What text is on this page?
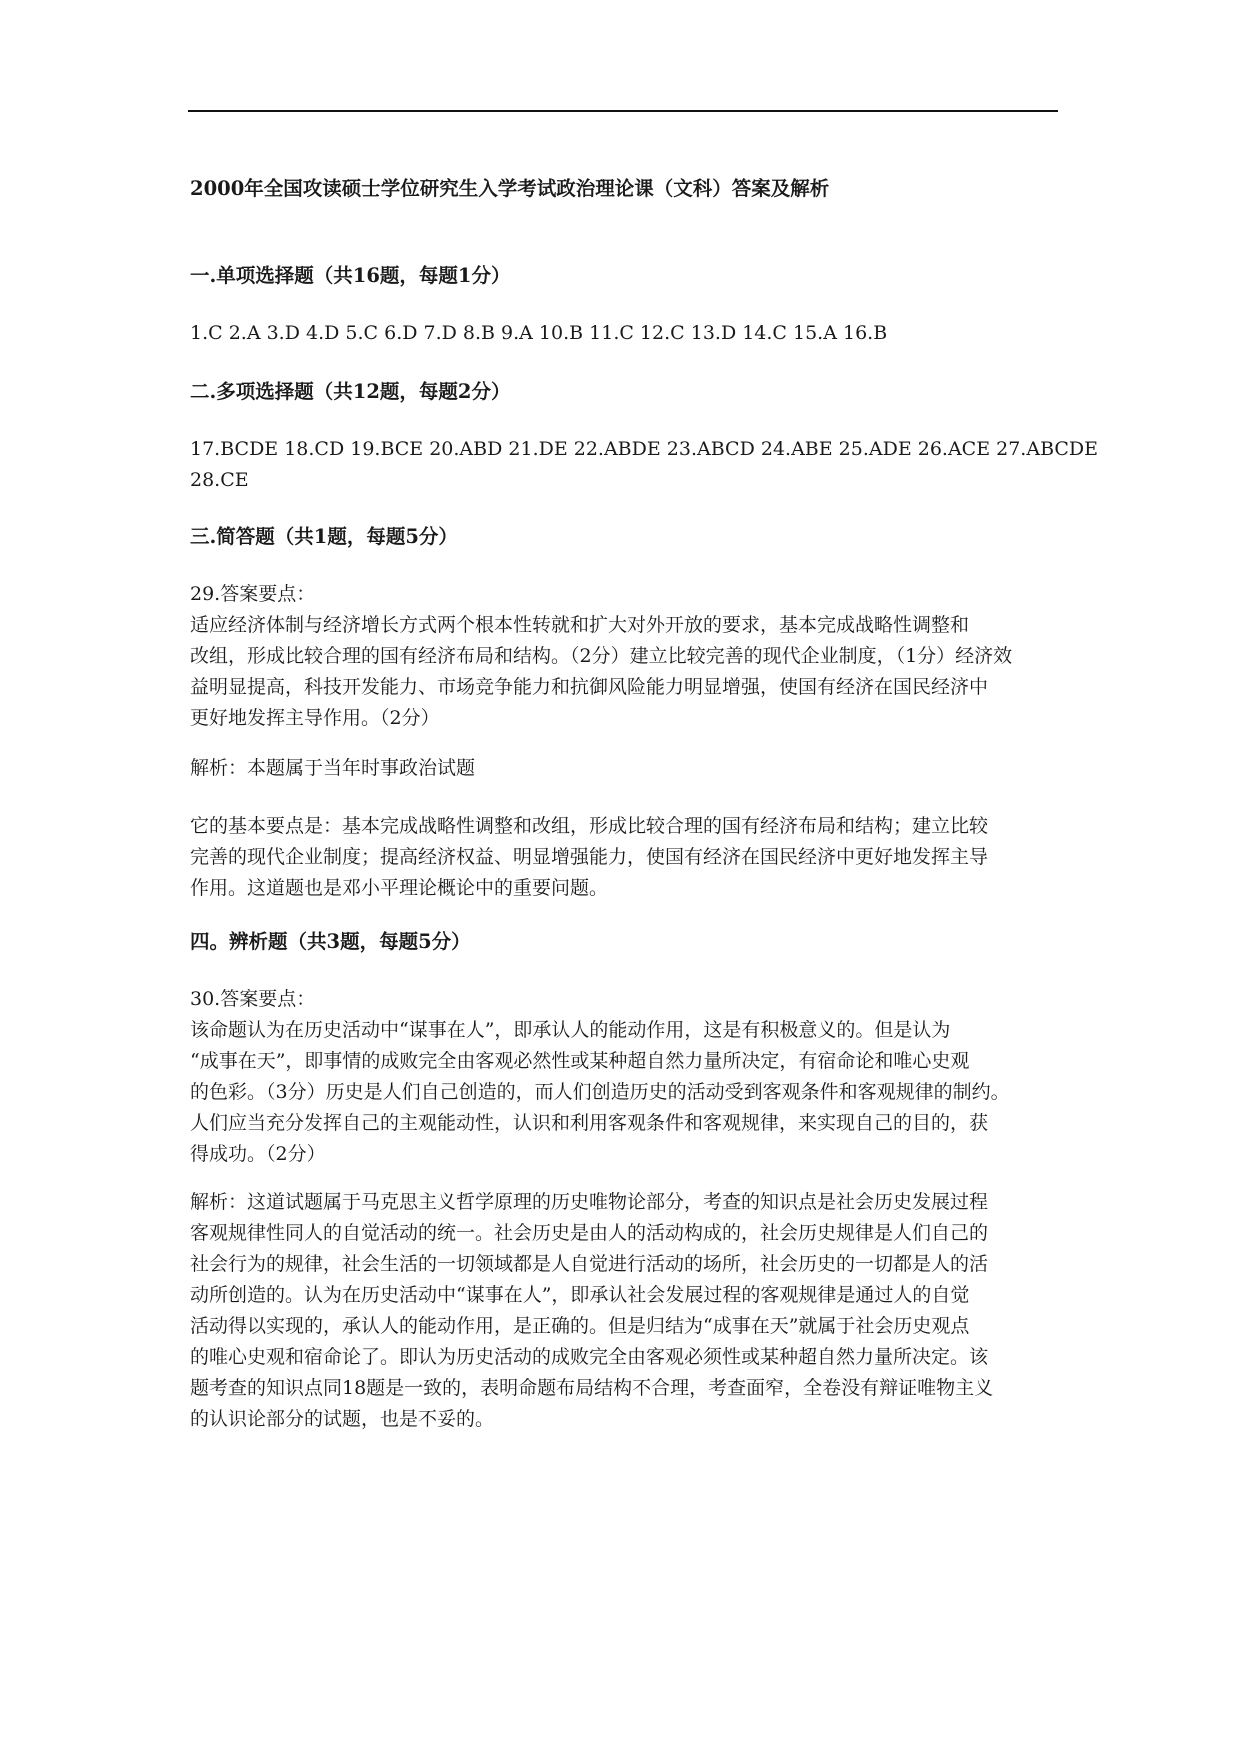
2000年全国攻读硕士学位研究生入学考试政治理论课（文科）答案及解析
一.单项选择题（共16题，每题1分）
1.C 2.A 3.D 4.D 5.C 6.D 7.D 8.B 9.A 10.B 11.C 12.C 13.D 14.C 15.A 16.B
二.多项选择题（共12题，每题2分）
17.BCDE 18.CD 19.BCE 20.ABD 21.DE 22.ABDE 23.ABCD 24.ABE 25.ADE 26.ACE 27.ABCDE
28.CE
三.简答题（共1题，每题5分）
29.答案要点：
适应经济体制与经济增长方式两个根本性转就和扩大对外开放的要求，基本完成战略性调整和
改组，形成比较合理的国有经济布局和结构。（2分）建立比较完善的现代企业制度，（1分）经济效
益明显提高，科技开发能力、市场竞争能力和抗御风险能力明显增强，使国有经济在国民经济中
更好地发挥主导作用。（2分）
解析：本题属于当年时事政治试题
它的基本要点是：基本完成战略性调整和改组，形成比较合理的国有经济布局和结构；建立比较
完善的现代企业制度；提高经济权益、明显增强能力，使国有经济在国民经济中更好地发挥主导
作用。这道题也是邓小平理论概论中的重要问题。
四。辨析题（共3题，每题5分）
30.答案要点：
该命题认为在历史活动中“谋事在人”，即承认人的能动作用，这是有积极意义的。但是认为
“成事在天”，即事情的成败完全由客观必然性或某种超自然力量所决定，有宿命论和唯心史观
的色彩。（3分）历史是人们自己创造的，而人们创造历史的活动受到客观条件和客观规律的制约。
人们应当充分发挥自己的主观能动性，认识和利用客观条件和客观规律，来实现自己的目的，获
得成功。（2分）
解析：这道试题属于马克思主义哲学原理的历史唯物论部分，考查的知识点是社会历史发展过程
客观规律性同人的自觉活动的统一。社会历史是由人的活动构成的，社会历史规律是人们自己的
社会行为的规律，社会生活的一切领域都是人自觉进行活动的场所，社会历史的一切都是人的活
动所创造的。认为在历史活动中“谋事在人”，即承认社会发展过程的客观规律是通过人的自觉
活动得以实现的，承认人的能动作用，是正确的。但是归结为“成事在天”就属于社会历史观点
的唯心史观和宿命论了。即认为历史活动的成败完全由客观必须性或某种超自然力量所决定。该
题考查的知识点同18题是一致的，表明命题布局结构不合理，考查面窄，全卷没有辩证唯物主义
的认识论部分的试题，也是不妥的。
